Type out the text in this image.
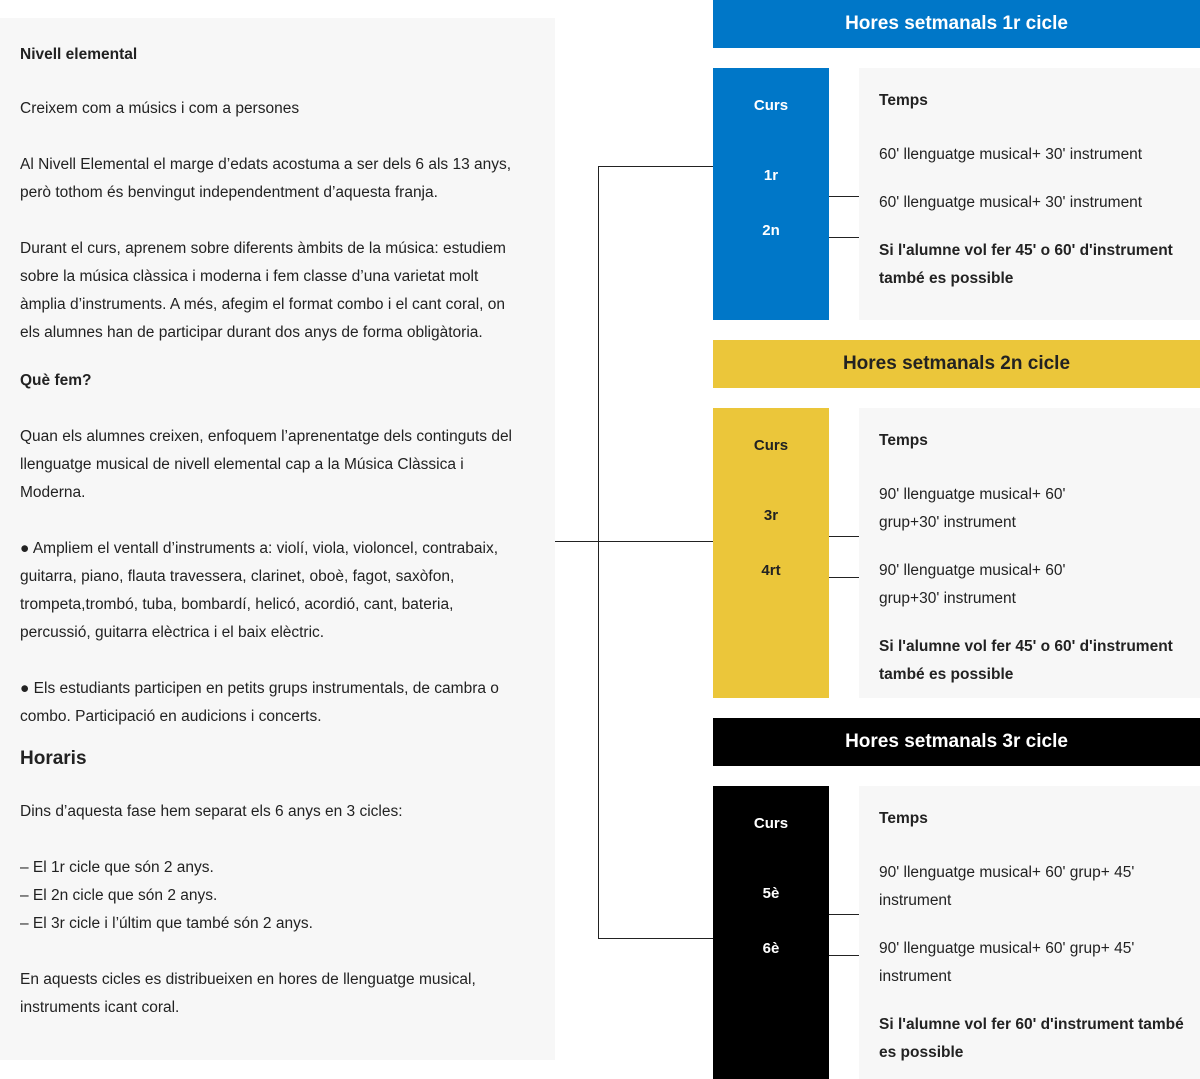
Nivell elemental

Creixem com a músics i com a persones

Al Nivell Elemental el marge d’edats acostuma a ser dels 6 als 13 anys,

però tothom és benvingut independentment d’aquesta franja.

Durant el curs, aprenem sobre diferents àmbits de la música: estudiem

sobre la música clàssica i moderna i fem classe d’una varietat molt

àmplia d’instruments. A més, afegim el format combo i el cant coral, on

els alumnes han de participar durant dos anys de forma obligàtoria.

Què fem?

Quan els alumnes creixen, enfoquem l’aprenentatge dels continguts del

llenguatge musical de nivell elemental cap a la Música Clàssica i

Moderna.

● Ampliem el ventall d’instruments a: violí, viola, violoncel, contrabaix,

guitarra, piano, flauta travessera, clarinet, oboè, fagot, saxòfon,

trompeta,trombó, tuba, bombardí, helicó, acordió, cant, bateria,

percussió, guitarra elèctrica i el baix elèctric.

● Els estudiants participen en petits grups instrumentals, de cambra o

combo. Participació en audicions i concerts.

Horaris

Dins d’aquesta fase hem separat els 6 anys en 3 cicles:

– El 1r cicle que són 2 anys.

– El 2n cicle que són 2 anys.

– El 3r cicle i l’últim que també són 2 anys.

En aquests cicles es distribueixen en hores de llenguatge musical,

instruments icant coral.

Hores setmanals 1r cicle
Curs
1r
2n
Temps
60' llenguatge musical+ 30' instrument
60' llenguatge musical+ 30' instrument
Si l'alumne vol fer 45' o 60' d'instrument
també es possible
Hores setmanals 2n cicle
Curs
3r
4rt
Temps
90' llenguatge musical+ 60'
grup+30' instrument
90' llenguatge musical+ 60'
grup+30' instrument
Si l'alumne vol fer 45' o 60' d'instrument
també es possible
Hores setmanals 3r cicle
Curs
5è
6è
Temps
90' llenguatge musical+ 60' grup+ 45'
instrument
90' llenguatge musical+ 60' grup+ 45'
instrument
Si l'alumne vol fer 60' d'instrument també
es possible
